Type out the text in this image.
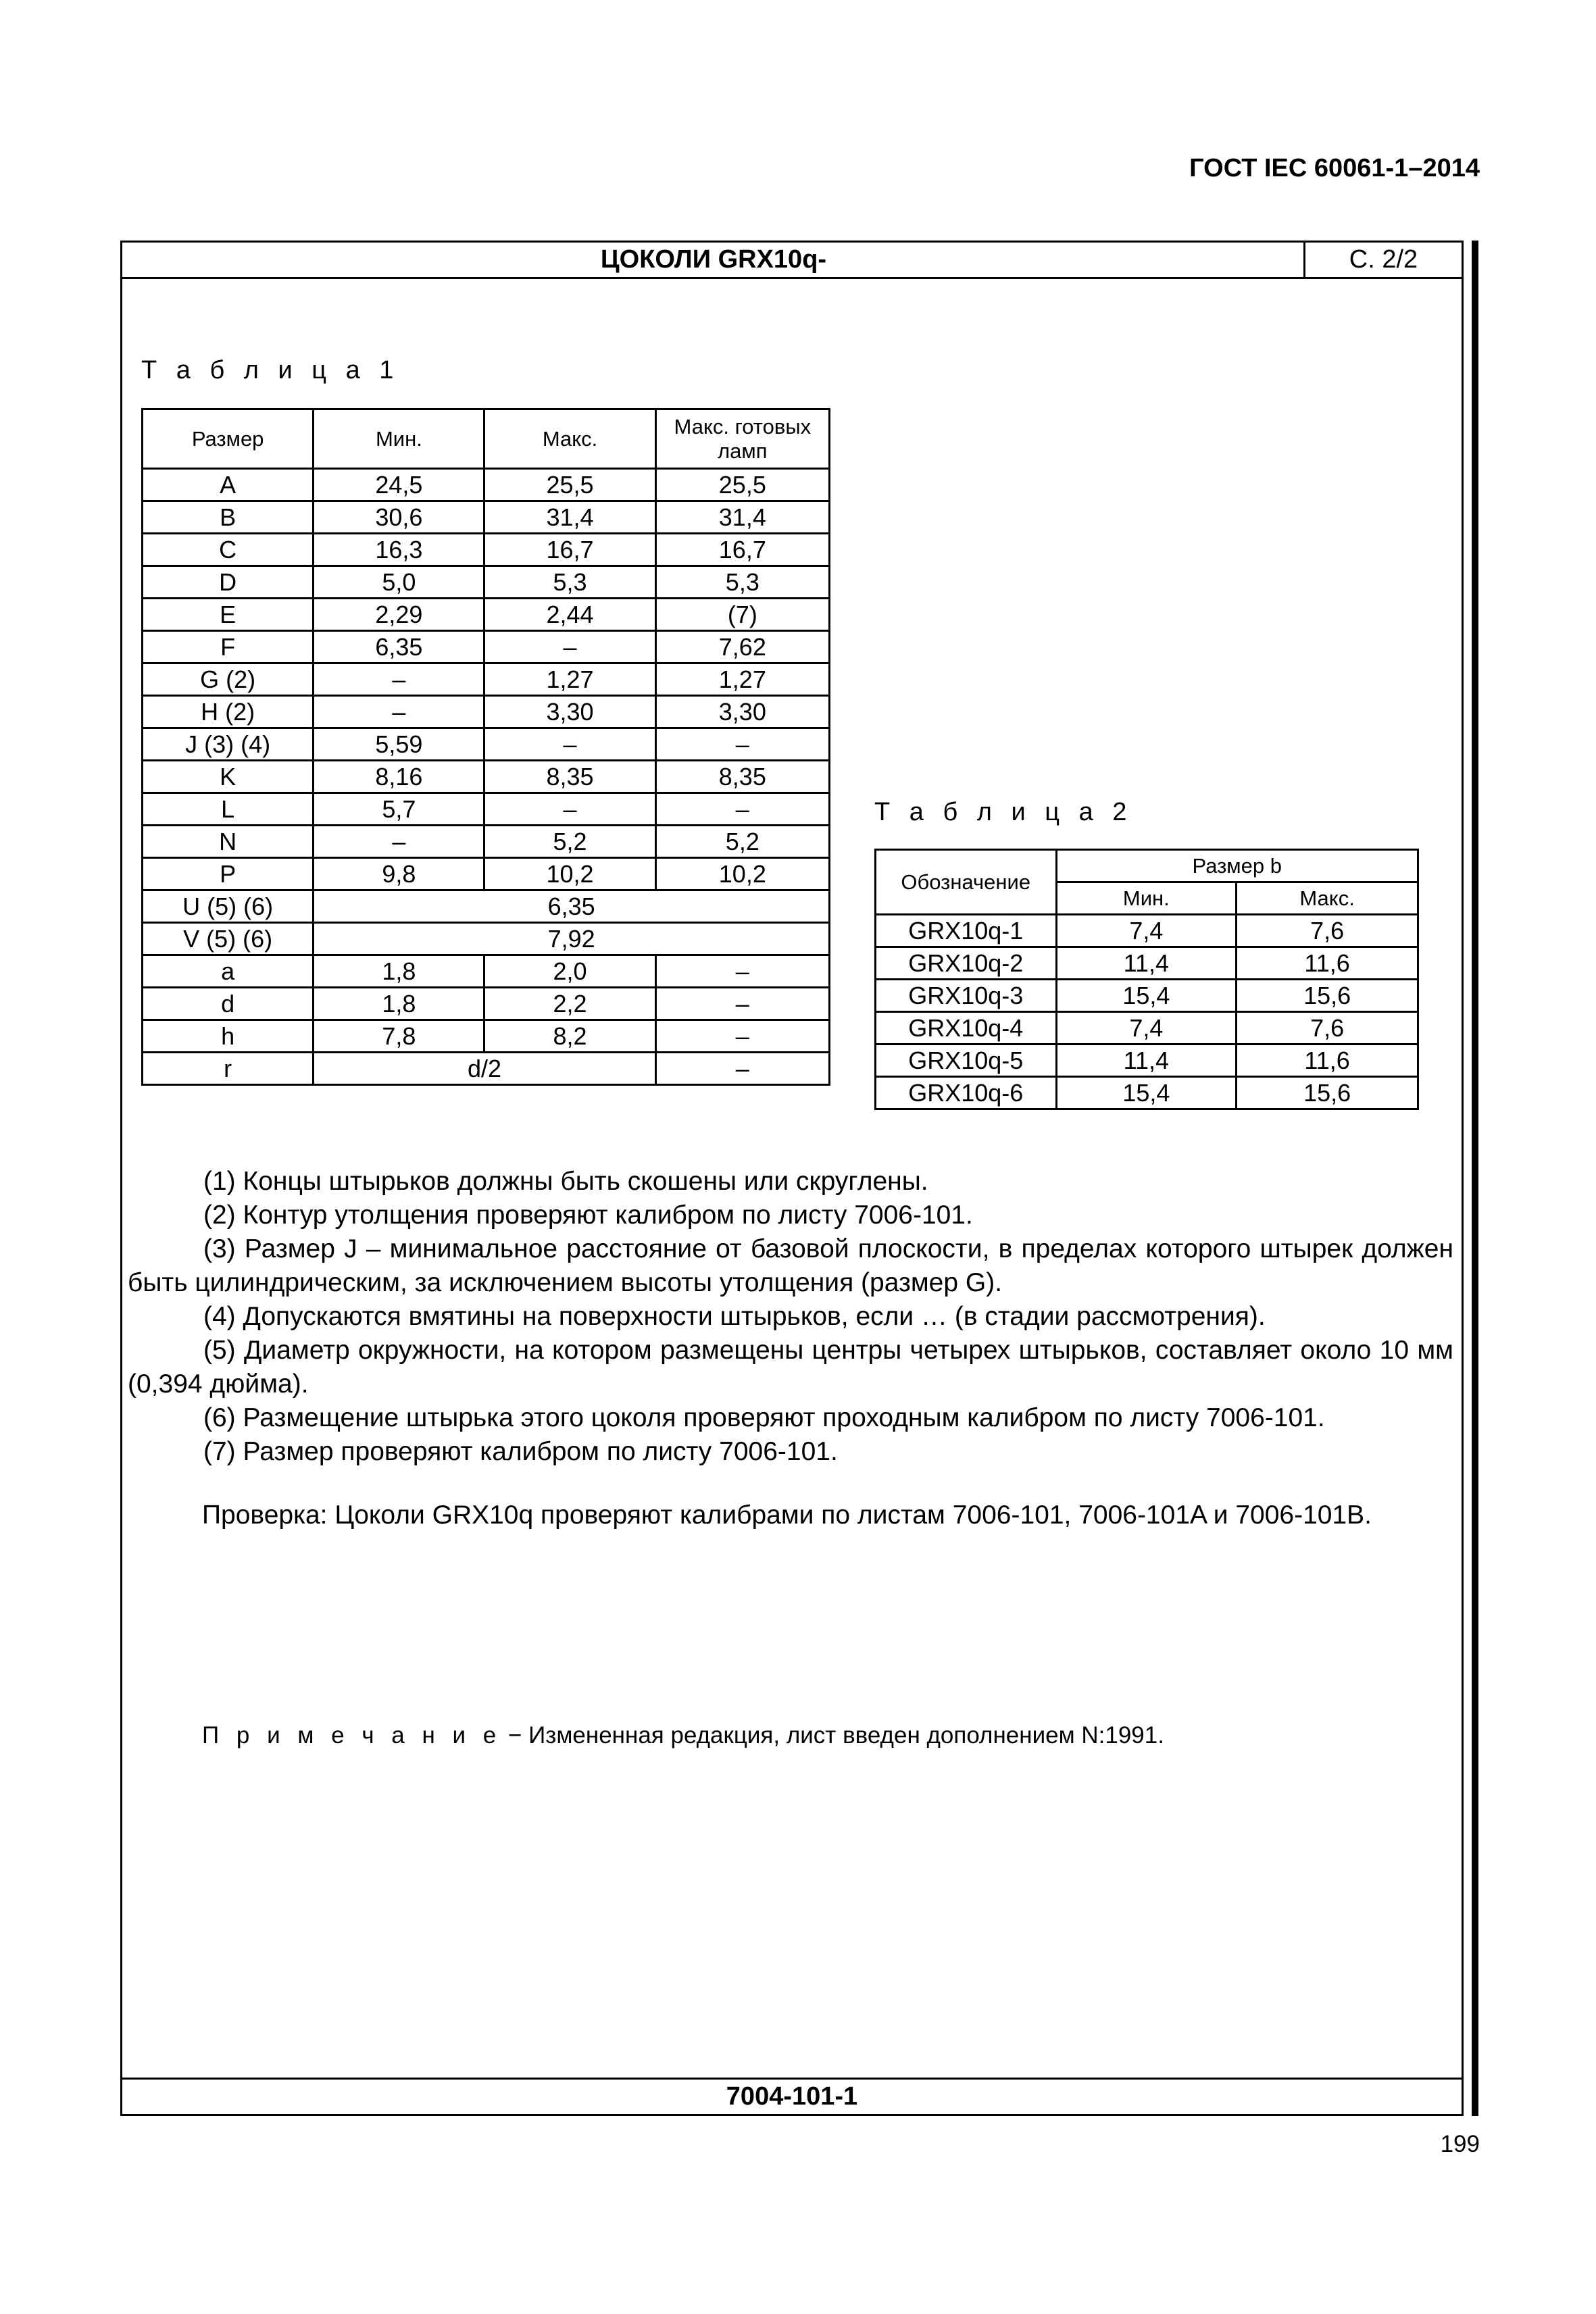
ГОСТ IEC 60061-1–2014
ЦОКОЛИ GRX10q-	С. 2/2
Т а б л и ц а 1
Размер	Мин.	Макс.	Макс. готовых ламп
A	24,5	25,5	25,5
B	30,6	31,4	31,4
C	16,3	16,7	16,7
D	5,0	5,3	5,3
E	2,29	2,44	(7)
F	6,35	–	7,62
G (2)	–	1,27	1,27
H (2)	–	3,30	3,30
J (3) (4)	5,59	–	–
K	8,16	8,35	8,35
L	5,7	–	–
N	–	5,2	5,2
P	9,8	10,2	10,2
U (5) (6)	6,35		
V (5) (6)	7,92		
a	1,8	2,0	–
d	1,8	2,2	–
h	7,8	8,2	–
r	d/2		–
Т а б л и ц а 2
Обозначение	Размер b	
	Мин.	Макс.
GRX10q-1	7,4	7,6
GRX10q-2	11,4	11,6
GRX10q-3	15,4	15,6
GRX10q-4	7,4	7,6
GRX10q-5	11,4	11,6
GRX10q-6	15,4	15,6

(1) Концы штырьков должны быть скошены или скруглены.

(2) Контур утолщения проверяют калибром по листу 7006-101.

(3) Размер J – минимальное расстояние от базовой плоскости, в пределах которого штырек должен быть цилиндрическим, за исключением высоты утолщения (размер G).

(4) Допускаются вмятины на поверхности штырьков, если … (в стадии рассмотрения).

(5) Диаметр окружности, на котором размещены центры четырех штырьков, составляет около 10 мм (0,394 дюйма).

(6) Размещение штырька этого цоколя проверяют проходным калибром по листу 7006-101.

(7) Размер проверяют калибром по листу 7006-101.

Проверка: Цоколи GRX10q проверяют калибрами по листам 7006-101, 7006-101A и 7006-101B.
П р и м е ч а н и е − Измененная редакция, лист введен дополнением N:1991.
7004-101-1
199
